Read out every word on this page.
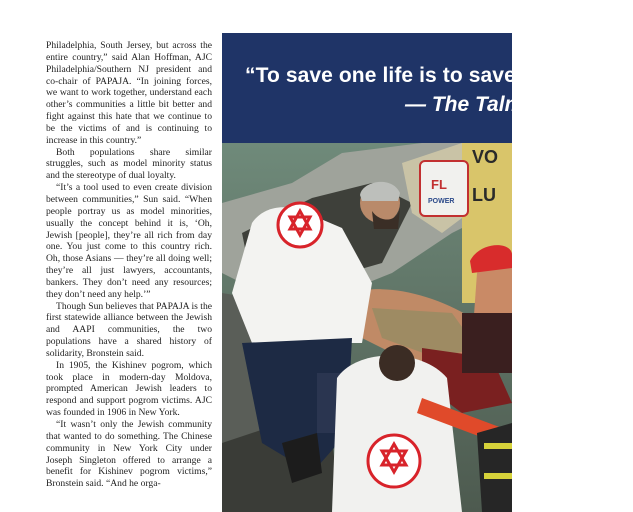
Philadelphia, South Jersey, but across the entire country,” said Alan Hoffman, AJC Philadelphia/Southern NJ president and co-chair of PAPAJA. “In joining forces, we want to work together, understand each other’s communities a little bit better and fight against this hate that we continue to be the victims of and is continuing to increase in this country.”

Both populations share similar struggles, such as model minority status and the stereotype of dual loyalty.

“It’s a tool used to even create division between communities,” Sun said. “When people portray us as model minorities, usually the concept behind it is, ‘Oh, Jewish [people], they’re all rich from day one. You just come to this country rich. Oh, those Asians — they’re all doing well; they’re all just lawyers, accountants, bankers. They don’t need any resources; they don’t need any help.’”

Though Sun believes that PAPAJA is the first statewide alliance between the Jewish and AAPI communities, the two populations have a shared history of solidarity, Bronstein said.

In 1905, the Kishinev pogrom, which took place in modern-day Moldova, prompted American Jewish leaders to respond and support pogrom victims. AJC was founded in 1906 in New York.

“It wasn’t only the Jewish community that wanted to do something. The Chinese community in New York City under Joseph Singleton offered to arrange a benefit for Kishinev pogrom victims,” Bronstein said. “And he orga-

“To save one life is to save the world.”
— The Talmud
VO
LU
FL
POWER
